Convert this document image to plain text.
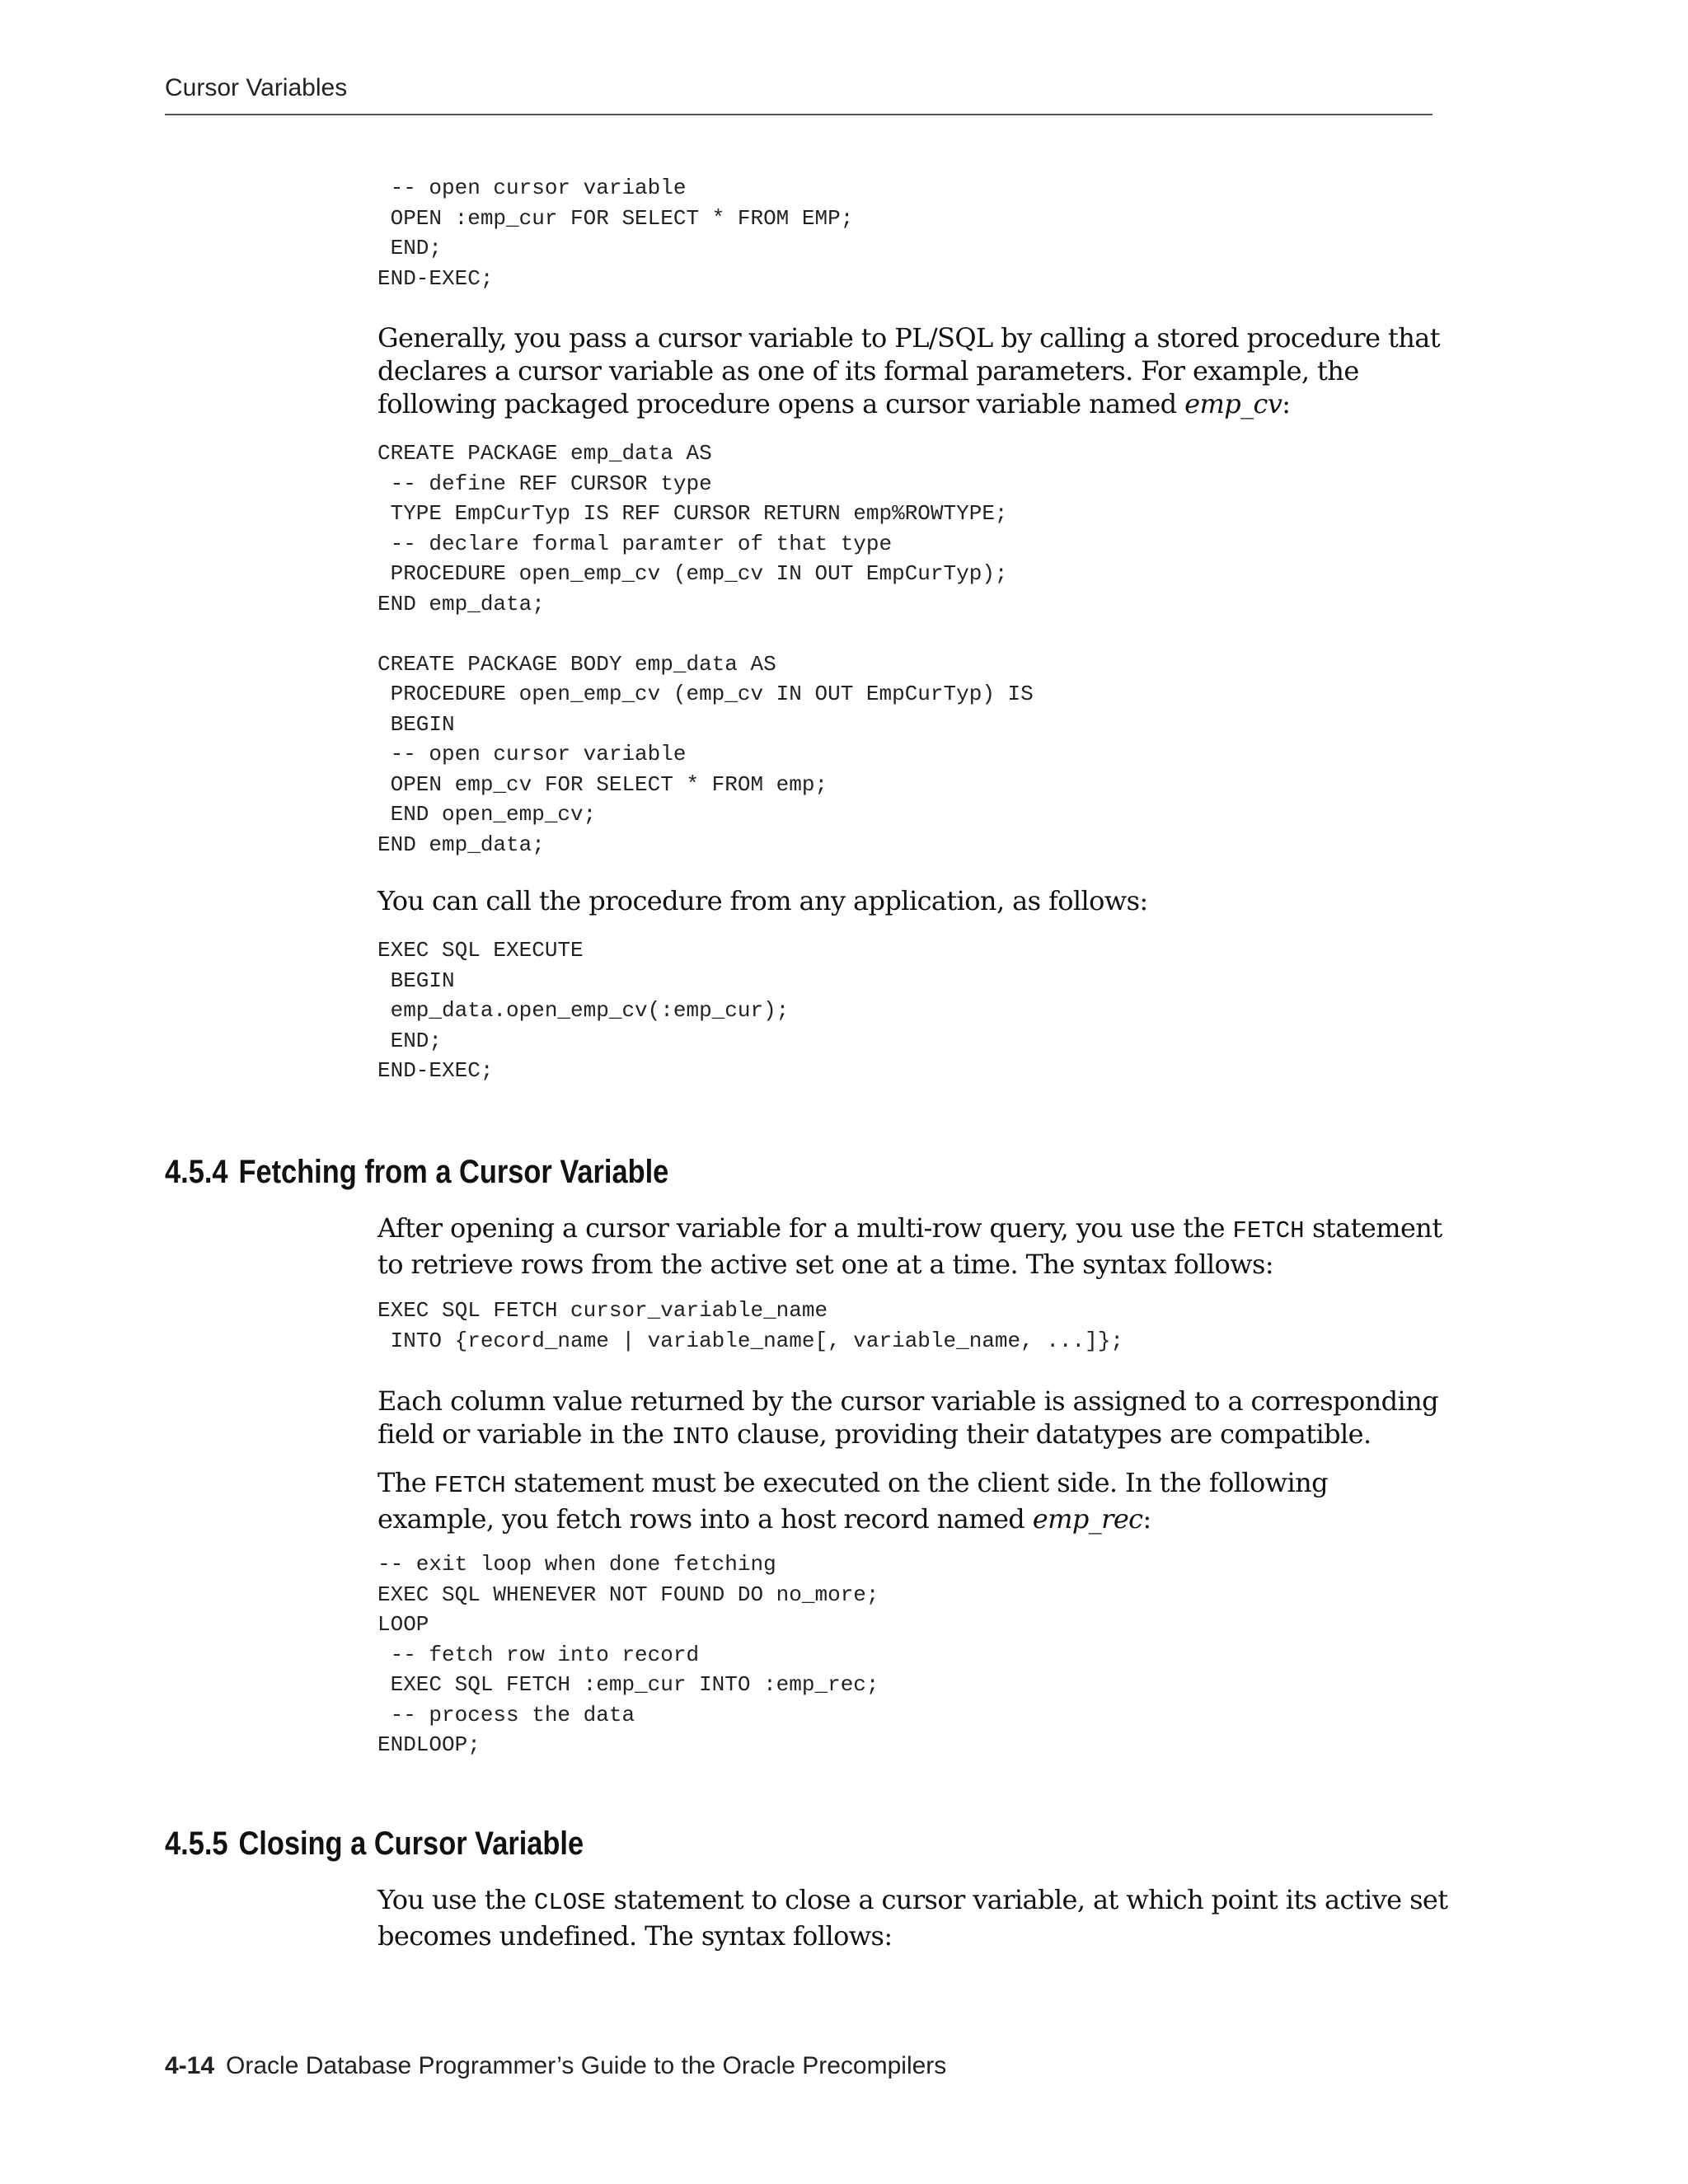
Cursor Variables
-- open cursor variable
OPEN :emp_cur FOR SELECT * FROM EMP;
END;
END-EXEC;

Generally, you pass a cursor variable to PL/SQL by calling a stored procedure that declares a cursor variable as one of its formal parameters. For example, the following packaged procedure opens a cursor variable named emp_cv:

CREATE PACKAGE emp_data AS
-- define REF CURSOR type
TYPE EmpCurTyp IS REF CURSOR RETURN emp%ROWTYPE;
-- declare formal paramter of that type
PROCEDURE open_emp_cv (emp_cv IN OUT EmpCurTyp);
END emp_data;

CREATE PACKAGE BODY emp_data AS
PROCEDURE open_emp_cv (emp_cv IN OUT EmpCurTyp) IS
BEGIN
-- open cursor variable
OPEN emp_cv FOR SELECT * FROM emp;
END open_emp_cv;
END emp_data;

You can call the procedure from any application, as follows:

EXEC SQL EXECUTE
BEGIN
emp_data.open_emp_cv(:emp_cur);
END;
END-EXEC;
4.5.4 Fetching from a Cursor Variable

After opening a cursor variable for a multi-row query, you use the FETCH statement to retrieve rows from the active set one at a time. The syntax follows:

EXEC SQL FETCH cursor_variable_name
INTO {record_name | variable_name[, variable_name, ...]};

Each column value returned by the cursor variable is assigned to a corresponding field or variable in the INTO clause, providing their datatypes are compatible.

The FETCH statement must be executed on the client side. In the following example, you fetch rows into a host record named emp_rec:

-- exit loop when done fetching
EXEC SQL WHENEVER NOT FOUND DO no_more;
LOOP
-- fetch row into record
EXEC SQL FETCH :emp_cur INTO :emp_rec;
-- process the data
ENDLOOP;
4.5.5 Closing a Cursor Variable

You use the CLOSE statement to close a cursor variable, at which point its active set becomes undefined. The syntax follows:

4-14 Oracle Database Programmer’s Guide to the Oracle Precompilers
